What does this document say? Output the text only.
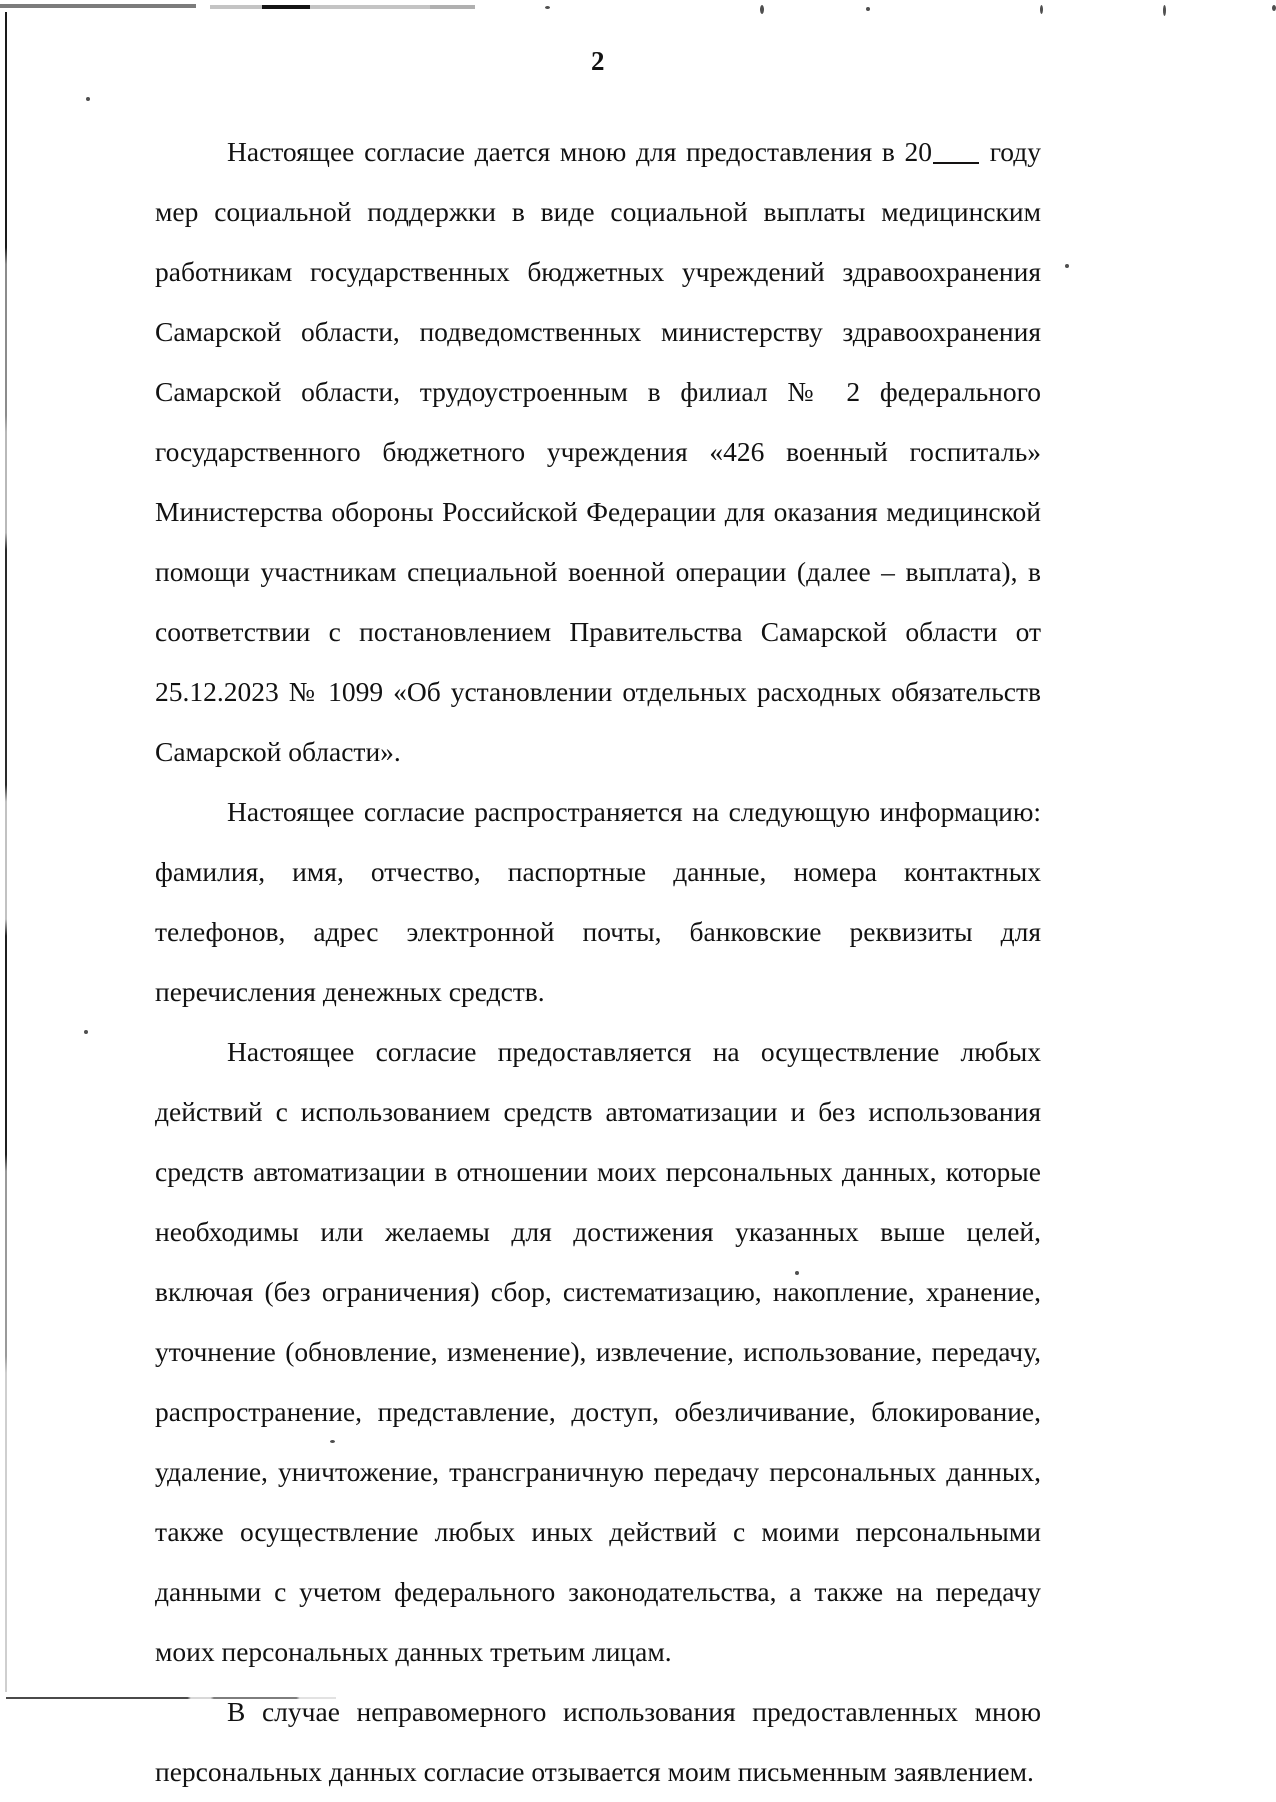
2

Настоящее согласие дается мною для предоставления в 20 году мер социальной поддержки в виде социальной выплаты медицинским работникам государственных бюджетных учреждений здравоохранения Самарской области, подведомственных министерству здравоохранения Самарской области, трудоустроенным в филиал № 2 федерального государственного бюджетного учреждения «426 военный госпиталь» Министерства обороны Российской Федерации для оказания медицинской помощи участникам специальной военной операции (далее – выплата), в соответствии с постановлением Правительства Самарской области от 25.12.2023 № 1099 «Об установлении отдельных расходных обязательств Самарской области».

Настоящее согласие распространяется на следующую информацию: фамилия, имя, отчество, паспортные данные, номера контактных телефонов, адрес электронной почты, банковские реквизиты для перечисления денежных средств.

Настоящее согласие предоставляется на осуществление любых действий с использованием средств автоматизации и без использования средств автоматизации в отношении моих персональных данных, которые необходимы или желаемы для достижения указанных выше целей, включая (без ограничения) сбор, систематизацию, накопление, хранение, уточнение (обновление, изменение), извлечение, использование, передачу, распространение, представление, доступ, обезличивание, блокирование, удаление, уничтожение, трансграничную передачу персональных данных, также осуществление любых иных действий с моими персональными данными с учетом федерального законодательства, а также на передачу моих персональных данных третьим лицам.

В случае неправомерного использования предоставленных мною персональных данных согласие отзывается моим письменным заявлением.
